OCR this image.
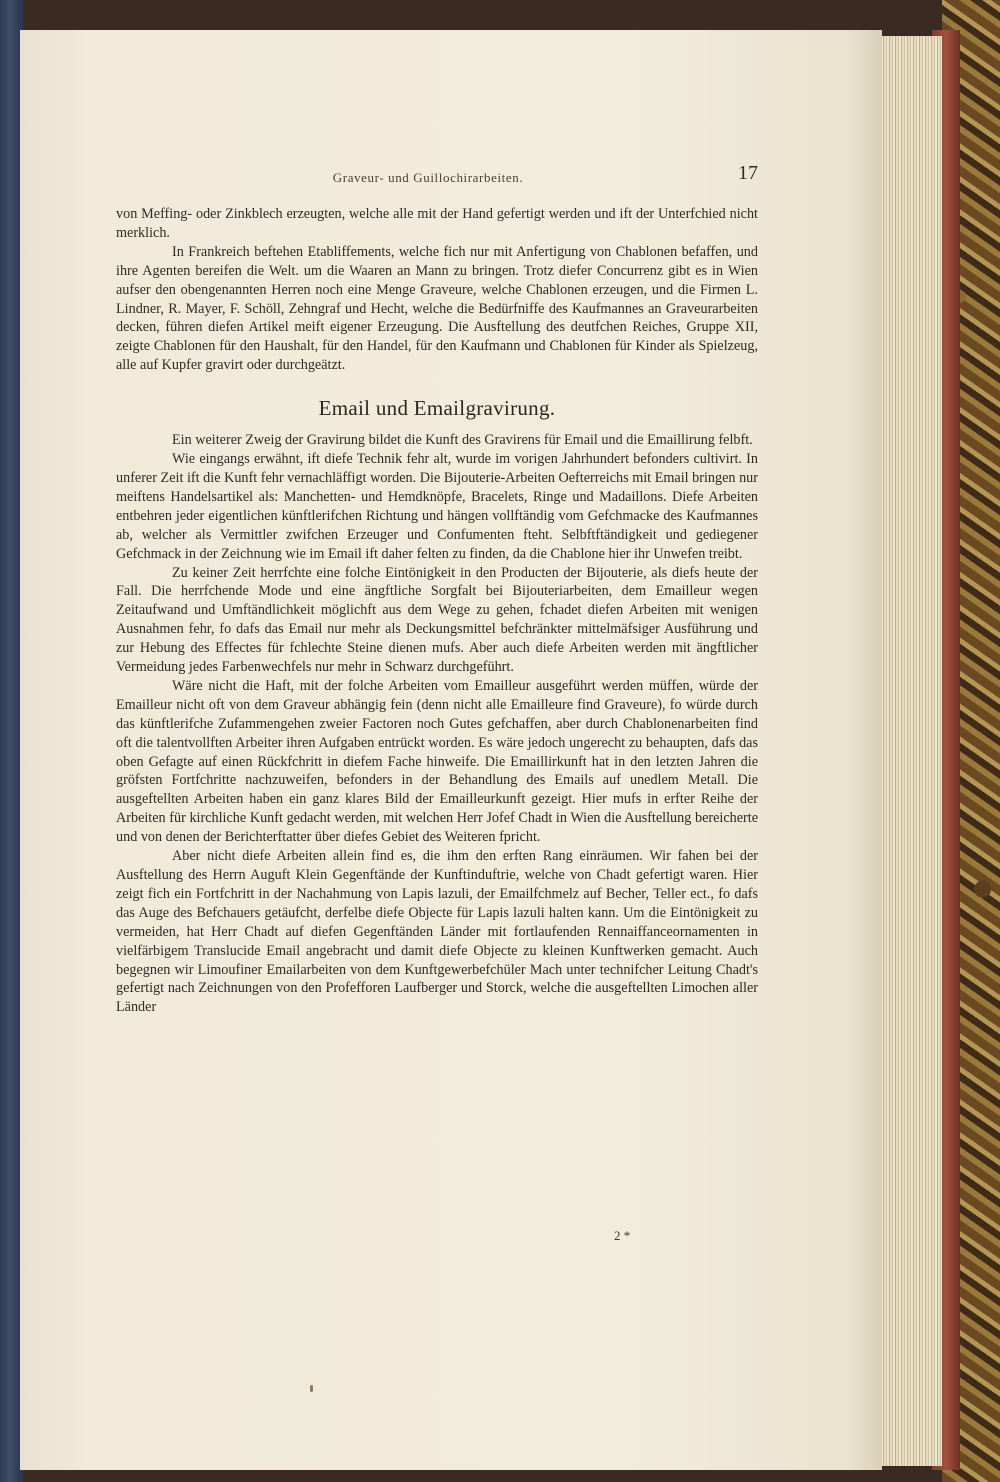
Graveur- und Guillochirarbeiten.	17

von Meffing- oder Zinkblech erzeugten, welche alle mit der Hand gefertigt werden und ift der Unterfchied nicht merklich.

In Frankreich beftehen Etabliffements, welche fich nur mit Anfertigung von Chablonen befaffen, und ihre Agenten bereifen die Welt. um die Waaren an Mann zu bringen. Trotz diefer Concurrenz gibt es in Wien aufser den obengenannten Herren noch eine Menge Graveure, welche Chablonen erzeugen, und die Firmen L. Lindner, R. Mayer, F. Schöll, Zehngraf und Hecht, welche die Bedürfniffe des Kaufmannes an Graveurarbeiten decken, führen diefen Artikel meift eigener Erzeugung. Die Ausftellung des deutfchen Reiches, Gruppe XII, zeigte Chablonen für den Haushalt, für den Handel, für den Kaufmann und Chablonen für Kinder als Spielzeug, alle auf Kupfer gravirt oder durchgeätzt.

Email und Emailgravirung.

Ein weiterer Zweig der Gravirung bildet die Kunft des Gravirens für Email und die Emaillirung felbft.

Wie eingangs erwähnt, ift diefe Technik fehr alt, wurde im vorigen Jahrhundert befonders cultivirt. In unferer Zeit ift die Kunft fehr vernachläffigt worden. Die Bijouterie-Arbeiten Oefterreichs mit Email bringen nur meiftens Handelsartikel als: Manchetten- und Hemdknöpfe, Bracelets, Ringe und Madaillons. Diefe Arbeiten entbehren jeder eigentlichen künftlerifchen Richtung und hängen vollftändig vom Gefchmacke des Kaufmannes ab, welcher als Vermittler zwifchen Erzeuger und Confumenten fteht. Selbftftändigkeit und gediegener Gefchmack in der Zeichnung wie im Email ift daher felten zu finden, da die Chablone hier ihr Unwefen treibt.

Zu keiner Zeit herrfchte eine folche Eintönigkeit in den Producten der Bijouterie, als diefs heute der Fall. Die herrfchende Mode und eine ängftliche Sorgfalt bei Bijouteriarbeiten, dem Emailleur wegen Zeitaufwand und Umftändlichkeit möglichft aus dem Wege zu gehen, fchadet diefen Arbeiten mit wenigen Ausnahmen fehr, fo dafs das Email nur mehr als Deckungsmittel befchränkter mittelmäfsiger Ausführung und zur Hebung des Effectes für fchlechte Steine dienen mufs. Aber auch diefe Arbeiten werden mit ängftlicher Vermeidung jedes Farbenwechfels nur mehr in Schwarz durchgeführt.

Wäre nicht die Haft, mit der folche Arbeiten vom Emailleur ausgeführt werden müffen, würde der Emailleur nicht oft von dem Graveur abhängig fein (denn nicht alle Emailleure find Graveure), fo würde durch das künftlerifche Zufammengehen zweier Factoren noch Gutes gefchaffen, aber durch Chablonenarbeiten find oft die talentvollften Arbeiter ihren Aufgaben entrückt worden. Es wäre jedoch ungerecht zu behaupten, dafs das oben Gefagte auf einen Rückfchritt in diefem Fache hinweife. Die Emaillirkunft hat in den letzten Jahren die gröfsten Fortfchritte nachzuweifen, befonders in der Behandlung des Emails auf unedlem Metall. Die ausgeftellten Arbeiten haben ein ganz klares Bild der Emailleurkunft gezeigt. Hier mufs in erfter Reihe der Arbeiten für kirchliche Kunft gedacht werden, mit welchen Herr Jofef Chadt in Wien die Ausftellung bereicherte und von denen der Berichterftatter über diefes Gebiet des Weiteren fpricht.

Aber nicht diefe Arbeiten allein find es, die ihm den erften Rang einräumen. Wir fahen bei der Ausftellung des Herrn Auguft Klein Gegenftände der Kunftinduftrie, welche von Chadt gefertigt waren. Hier zeigt fich ein Fortfchritt in der Nachahmung von Lapis lazuli, der Emailfchmelz auf Becher, Teller ect., fo dafs das Auge des Befchauers getäufcht, derfelbe diefe Objecte für Lapis lazuli halten kann. Um die Eintönigkeit zu vermeiden, hat Herr Chadt auf diefen Gegenftänden Länder mit fortlaufenden Rennaiffanceornamenten in vielfärbigem Translucide Email angebracht und damit diefe Objecte zu kleinen Kunftwerken gemacht. Auch begegnen wir Limoufiner Emailarbeiten von dem Kunftgewerbefchüler Mach unter technifcher Leitung Chadt's gefertigt nach Zeichnungen von den Profefforen Laufberger und Storck, welche die ausgeftellten Limochen aller Länder

2 *
